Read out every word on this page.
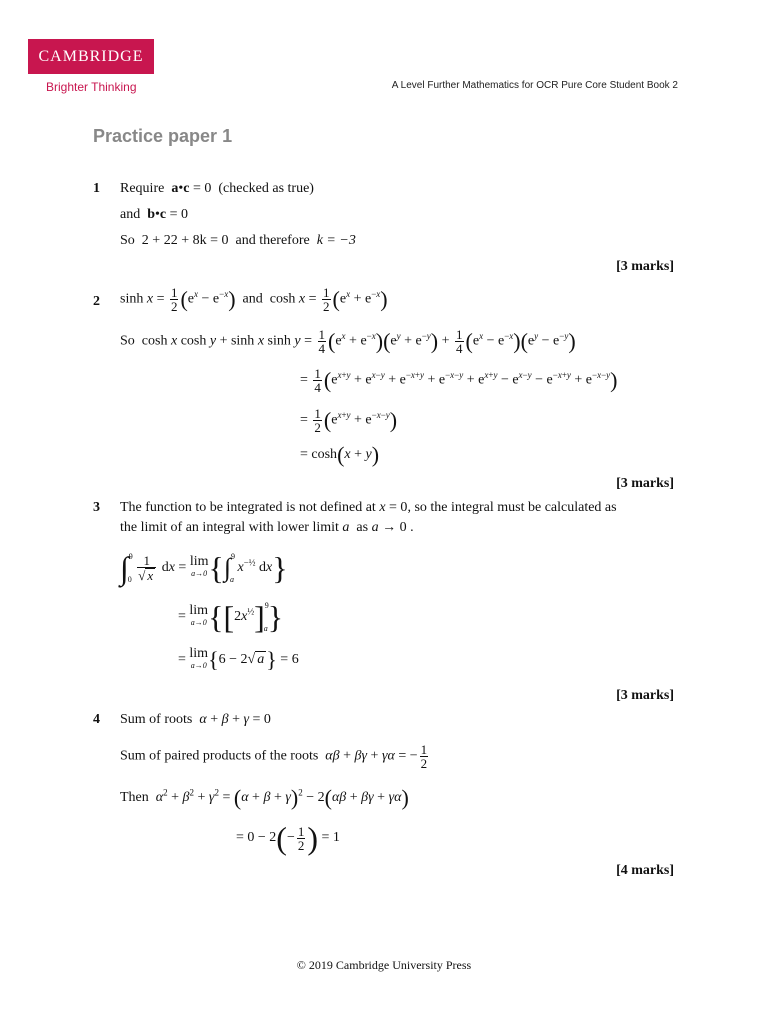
CAMBRIDGE
Brighter Thinking	A Level Further Mathematics for OCR Pure Core Student Book 2
Practice paper 1
1 Require a•c = 0 (checked as true)
and b•c = 0
So 2 + 22 + 8k = 0 and therefore k = −3
[3 marks]
2 $\sinh x = \frac{1}{2} (e^x - e^{-x})$ and $\cosh x = \frac{1}{2} (e^x + e^{-x})$
So  cosh x cosh y + sinh x $\sinh y = \frac{1}{4} (e^x + e^{-x})(e^y + e^{-y}) + \frac{1}{4} (e^x - e^{-x})(e^y - e^{-y})$
= $\frac{1}{4} (e^{x+y} + e^{x-y} + e^{-x+y} + e^{-x-y} + e^{x+y} - e^{x-y} - e^{-x+y} + e^{-x-y})$
= $\frac{1}{2} (e^{x+y} + e^{-x-y})$
= cosh(x + y)
[3 marks]
3 The function to be integrated is not defined at x = 0, so the integral must be calculated as
the limit of an integral with lower limit a as a → 0 .
$\int^90 \frac{1}{√ x}$ dx = lim
a→0 {∫$^9$a $x^{-\frac{1}{2}}$ dx}
= lim
a→0 $\{[2x^{\frac{1}{2}}]^9a\}$
= lim
a→0 {6 − 2√ a} = 6
[3 marks]
4 Sum of roots α + β + γ = 0
Sum of paired products of the roots αβ + βγ + γα = − $\frac{1}{2}$
Then $\alpha^2 + \beta^2 + \gamma^2 = (\alpha + \beta + \gamma)^2 - 2(\alpha\beta + \beta\gamma + \gamma\alpha)$
= $0 - 2(- \frac{1}{2}$ ) = 1
[4 marks]
© 2019 Cambridge University Press
